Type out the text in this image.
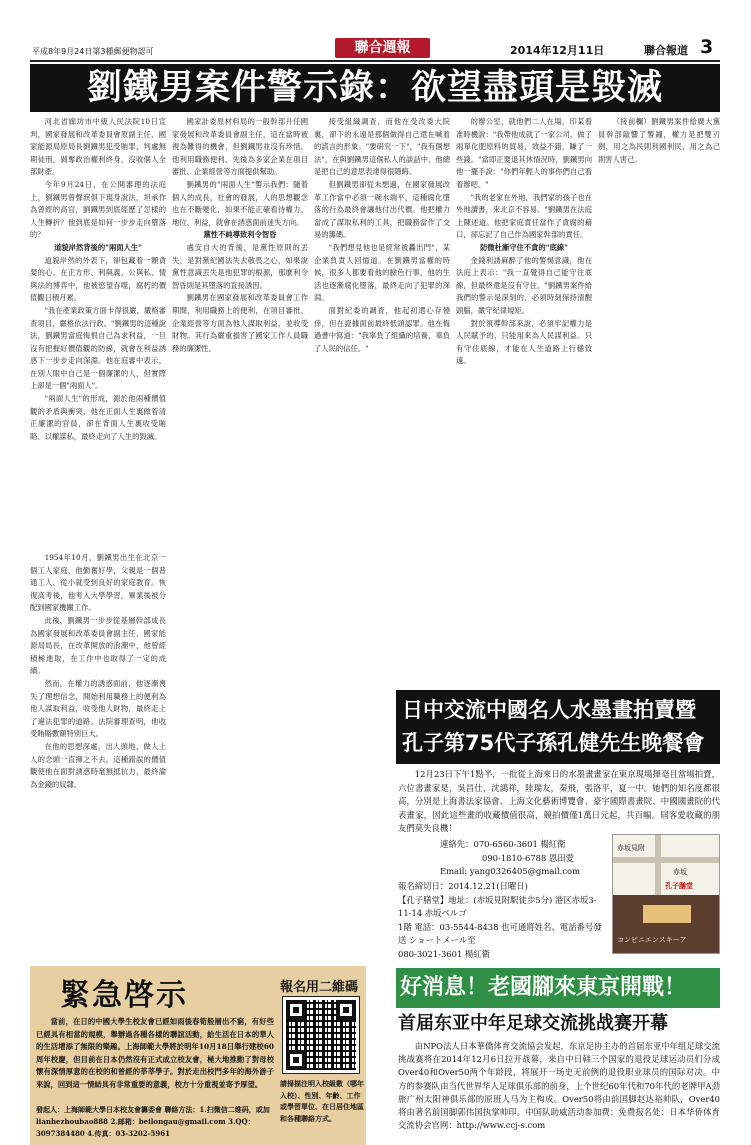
平成8年9月24日第3種郵便物認可	聯合週報	2014年12月11日	聯合報道 3
劉鐵男案件警示錄：欲望盡頭是毀滅

河北省廊坊市中級人民法院10日宣判，國家發展和改革委員會原副主任、國家能源局原局長劉鐵男犯受賄罪，判處無期徒刑，剝奪政治權利終身，沒收個人全部財產。

今年9月24日，在公開審理的法庭上，劉鐵男曾聲淚俱下現身說法，坦承作為曾經的高官，劉鐵男到底經歷了怎樣的人生轉折？他到底是如何一步步走向墮落的？

道貌岸然背後的"兩面人生"

道貌岸然的外表下，卻包藏着一顆貪婪的心。在正方形、利與義、公與私、情與法的博弈中，他被慾望吞噬，腐朽的價值觀日積月累。

"我在產業政策方面卡得很嚴，嚴格審查項目，嚴格依法行政。"劉鐵男的這種說法，劉鐵男當庭悔恨自己為求利益，一旦沒有把握好價值觀的防線，就會在利益誘惑下一步步走向深淵。他在庭審中表示，在別人眼中自己是一個廉潔的人，但實際上卻是一個"兩面人"。

"兩面人生"的形成，源於他兩種價值觀的矛盾與衝突，他在正面人生裏做着清正廉潔的官員，卻在背面人生裏收受賄賂、以權謀私，最終走向了人生的毀滅。

1954年10月，劉鐵男出生在北京一個工人家庭，他勤奮好學，父親是一個普通工人，從小就受到良好的家庭教育。恢復高考後，他考入大學學習，畢業後被分配到國家機關工作。

此後，劉鐵男一步步從基層幹部成長為國家發展和改革委員會副主任、國家能源局局長，在改革開放的浪潮中，他曾經積極進取，在工作中也取得了一定的成績。

然而，在權力的誘惑面前，他逐漸喪失了理想信念，開始利用職務上的便利為他人謀取利益，收受他人財物，最終走上了違法犯罪的道路。法院審理查明，他收受賄賂數額特別巨大。

在他的思想深處，出人頭地、做人上人的念頭一直揮之不去，這種錯誤的價值觀使他在面對誘惑時毫無抵抗力，最終淪為金錢的奴隸。

國家計委原材料局的一般幹部升任國家發展和改革委員會副主任，這在當時被視為難得的機會，但劉鐵男並沒有珍惜。他利用職務便利，先後為多家企業在項目審批、企業經營等方面提供幫助。

劉鐵男的"兩面人生"警示我們：隨着個人的成長，社會的發展，人的思想觀念也在不斷變化，如果不能正確看待權力、地位、利益，就會在誘惑面前迷失方向。

黨性不純導致利令智昏

處安自大的背後，是黨性原則的丟失，是對黨紀國法失去敬畏之心，如果說黨性意識丟失是他犯罪的根源，那麼利令智昏則是其墮落的直接誘因。

劉鐵男在國家發展和改革委員會工作期間，利用職務上的便利，在項目審批、企業經營等方面為他人謀取利益，並收受財物。其行為嚴重損害了國家工作人員職務的廉潔性。

接受組織調查，而他在受改委大院裏，卻下的永遠是那個做得自己還在喊着的謊言的形象。"要研究一下"，"我有個想法"，在與劉鐵男這個私人的談話中，他總是把自己的意思表達得很隱晦。

但劉鐵男卻從未想過，在國家發展改革工作當中必須一碗水端平，這種腐化墮落的行為最終會讓他付出代價。他把權力當成了謀取私利的工具，把職務當作了交易的籌碼。

"我們想見他也是經常被轟出門"，某企業負責人回憶道。在劉鐵男當權的時候，很多人都要看他的臉色行事，他的生活也逐漸腐化墮落，最終走向了犯罪的深淵。

面對紀委的調查，他起初還心存僥倖，但在證據面前最終低頭認罪。他在悔過書中寫道："我辜負了組織的培養，辜負了人民的信任。"

的辦公室，就他們二人在場，印某看准時機說："我帶他成就了一家公司，做了兩單化肥原料的貿易，效益不錯，賺了一些錢。"當即正要退其休情況時，劉鐵男向他一擺手說："你們年輕人的事你們自己看着辦吧。"

"我的老家在外地，我們家的孩子也在外地讀書，來北京不容易。"劉鐵男在法庭上陳述道。他把家庭責任當作了貪腐的藉口，卻忘記了自己作為國家幹部的責任。

防微杜漸守住不貪的"底線"

金錢利誘麻醉了他的警惕意識，他在法庭上表示："我一直覺得自己能守住底線，但最終還是沒有守住。"劉鐵男案件給我們的警示是深刻的，必須時刻保持清醒頭腦，嚴守紀律規矩。

對於領導幹部來說，必須牢記權力是人民賦予的，只能用來為人民謀利益。只有守住底線，才能在人生道路上行穩致遠。

（接前欄）劉鐵男案件給廣大黨員幹部敲響了警鐘，權力是把雙刃劍，用之為民則利國利民，用之為己則害人害己。

日中交流中國名人水墨畫拍賣暨
孔子第75代子孫孔健先生晚餐會
12月23日下午1點半，一批從上海來日的水墨畫畫家在東京現場揮毫且當場拍賣，六位書畫家是，吳昌仕，沈鴻祥，陸瑞友，秦飛，張洛平，夏一中。她們的知名度都很高，分別是上海書法家協會、上海文化藝術博覽會、豪宇國際書畫院、中國國畫院的代表畫家，因此這些畫的收藏價值很高，競拍價僅1萬日元起，共百幅。屆客愛收藏的朋友們莫失良機！
連絡先：070-6560-3601 楊紅衛
090-1810-6788 恩田愛
Email: yang0326405@gmail.com
報名締切日：2014.12.21(日曜日)
【孔子膳堂】地址：(赤坂見附駅徒歩5分) 港区赤坂3-11-14 赤坂ベルゴ
1階 電話：03-5544-8438 也可通將姓名、電話番号發送 ショートメール至
080-3021-3601 楊紅衛
赤坂見附
赤坂
孔子膳堂
コンビニエンスキーア
緊急啓示
當前，在日的中國大學生校友會已經如雨後春筍般層出不窮，有好些已經具有相當的規模，舉辦過各種各樣的聯誼活動，給生活在日本的華人的生活增添了無限的樂趣。上海師範大學將於明年10月18日舉行建校60周年校慶，但目前在日本仍然沒有正式成立校友會，極大地推動了對母校懷有深情厚意的在校的和曾經的莘莘學子。對於走出校門多年的海外游子來說，回到這一情結具有非常重要的意義，校方十分重視並寄予厚望。
發起人：上海師範大學日本校友會籌委會 聯絡方法：1.扫微信二维码，或加 lianhezhoubao888 2.邮箱：beilongau@gmail.com 3.QQ：3097384480 4.传真：03-3202-5961
報名用二維碼
請掃描注明入校級數（哪年入校）、性別、年齡、工作或學習單位、在日居住地區和各種聯絡方式。
好消息！老國腳來東京開戰！
首届东亚中年足球交流挑战赛开幕
由NPO法人日本華僑体育交流協会发起，东京足协主办的首届东亚中年组足球交流挑战赛将在2014年12月6日拉开战幕，来自中日韩三个国家的退役足球运动员们分成Over40和Over50两个年龄段，将展开一场史无前例的退役职业球员的国际对决。中方的参赛队由当代世界华人足球俱乐部的前身，上个世纪60年代和70年代的老牌甲A劲旅广州太阳神俱乐部的原班人马为主构成。Over50将由前国脚赵达裕帅队，Over40将由著名前国脚郭伟国执掌帅印。中国队助威活动参加费：免费报名处：日本华侨体育交流协会官网：http://www.ccj-s.com
